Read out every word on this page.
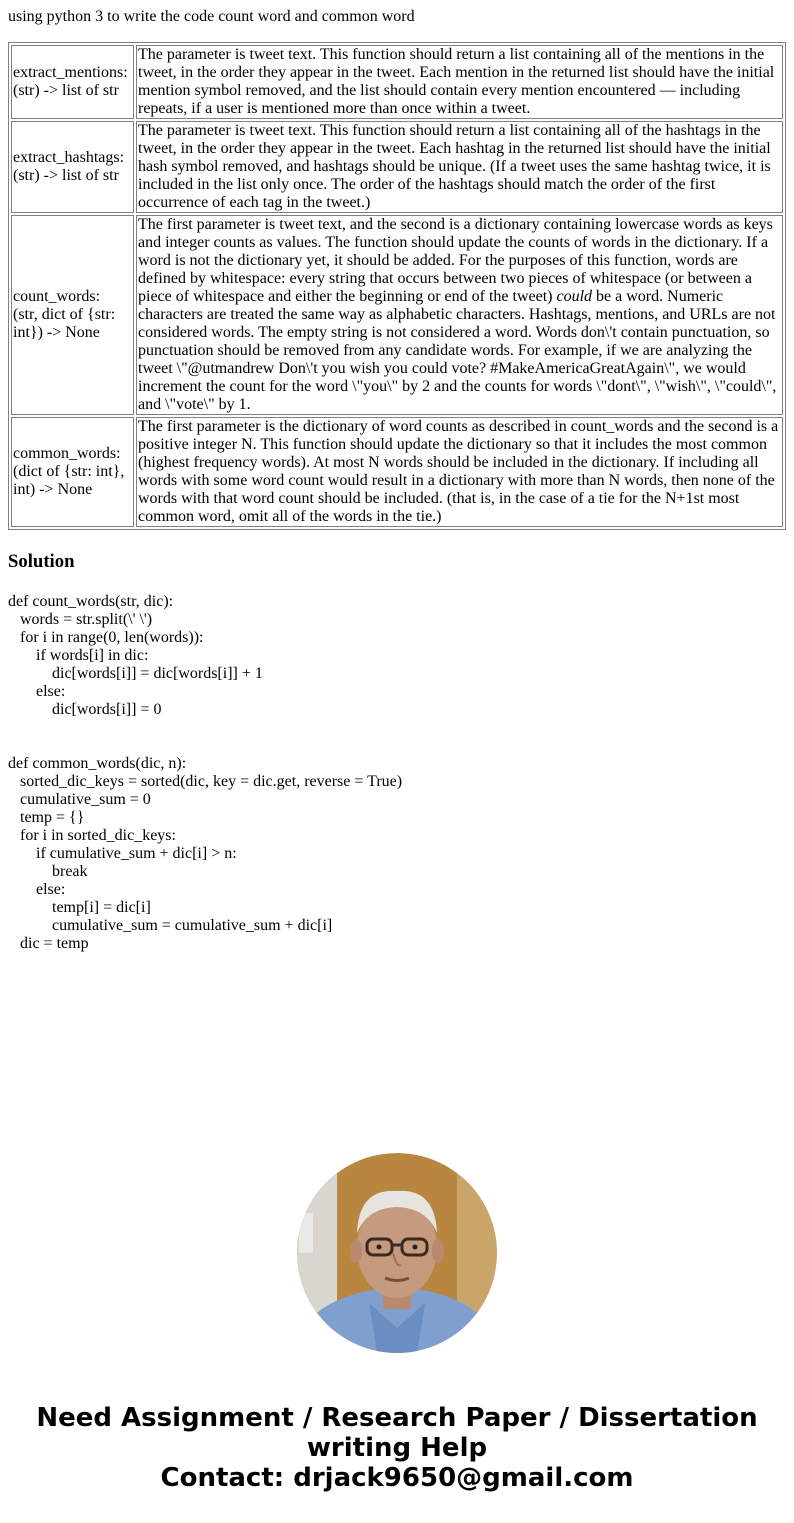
using python 3 to write the code count word and common word
extract_mentions:
(str) -> list of str	The parameter is tweet text. This function should return a list containing all of the mentions in the tweet, in the order they appear in the tweet. Each mention in the returned list should have the initial mention symbol removed, and the list should contain every mention encountered — including repeats, if a user is mentioned more than once within a tweet.

extract_hashtags:
(str) -> list of str	The parameter is tweet text. This function should return a list containing all of the hashtags in the tweet, in the order they appear in the tweet. Each hashtag in the returned list should have the initial hash symbol removed, and hashtags should be unique. (If a tweet uses the same hashtag twice, it is included in the list only once. The order of the hashtags should match the order of the first occurrence of each tag in the tweet.)

count_words:
(str, dict of {str: int}) -> None	The first parameter is tweet text, and the second is a dictionary containing lowercase words as keys and integer counts as values. The function should update the counts of words in the dictionary. If a word is not the dictionary yet, it should be added. For the purposes of this function, words are defined by whitespace: every string that occurs between two pieces of whitespace (or between a piece of whitespace and either the beginning or end of the tweet) could be a word. Numeric characters are treated the same way as alphabetic characters. Hashtags, mentions, and URLs are not considered words. The empty string is not considered a word. Words don\'t contain punctuation, so punctuation should be removed from any candidate words. For example, if we are analyzing the tweet \"@utmandrew Don\'t you wish you could vote? #MakeAmericaGreatAgain\", we would increment the count for the word \"you\" by 2 and the counts for words \"dont\", \"wish\", \"could\", and \"vote\" by 1.

common_words:
(dict of {str: int}, int) -> None	The first parameter is the dictionary of word counts as described in count_words and the second is a positive integer N. This function should update the dictionary so that it includes the most common (highest frequency words). At most N words should be included in the dictionary. If including all words with some word count would result in a dictionary with more than N words, then none of the words with that word count should be included. (that is, in the case of a tie for the N+1st most common word, omit all of the words in the tie.)
Solution
def count_words(str, dic):
words = str.split(\' \')
for i in range(0, len(words)):
if words[i] in dic:
dic[words[i]] = dic[words[i]] + 1
else:
dic[words[i]] = 0
def common_words(dic, n):
sorted_dic_keys = sorted(dic, key = dic.get, reverse = True)
cumulative_sum = 0
temp = {}
for i in sorted_dic_keys:
if cumulative_sum + dic[i] > n:
break
else:
temp[i] = dic[i]
cumulative_sum = cumulative_sum + dic[i]
dic = temp
Need Assignment / Research Paper / Dissertation
writing Help
Contact: drjack9650@gmail.com
